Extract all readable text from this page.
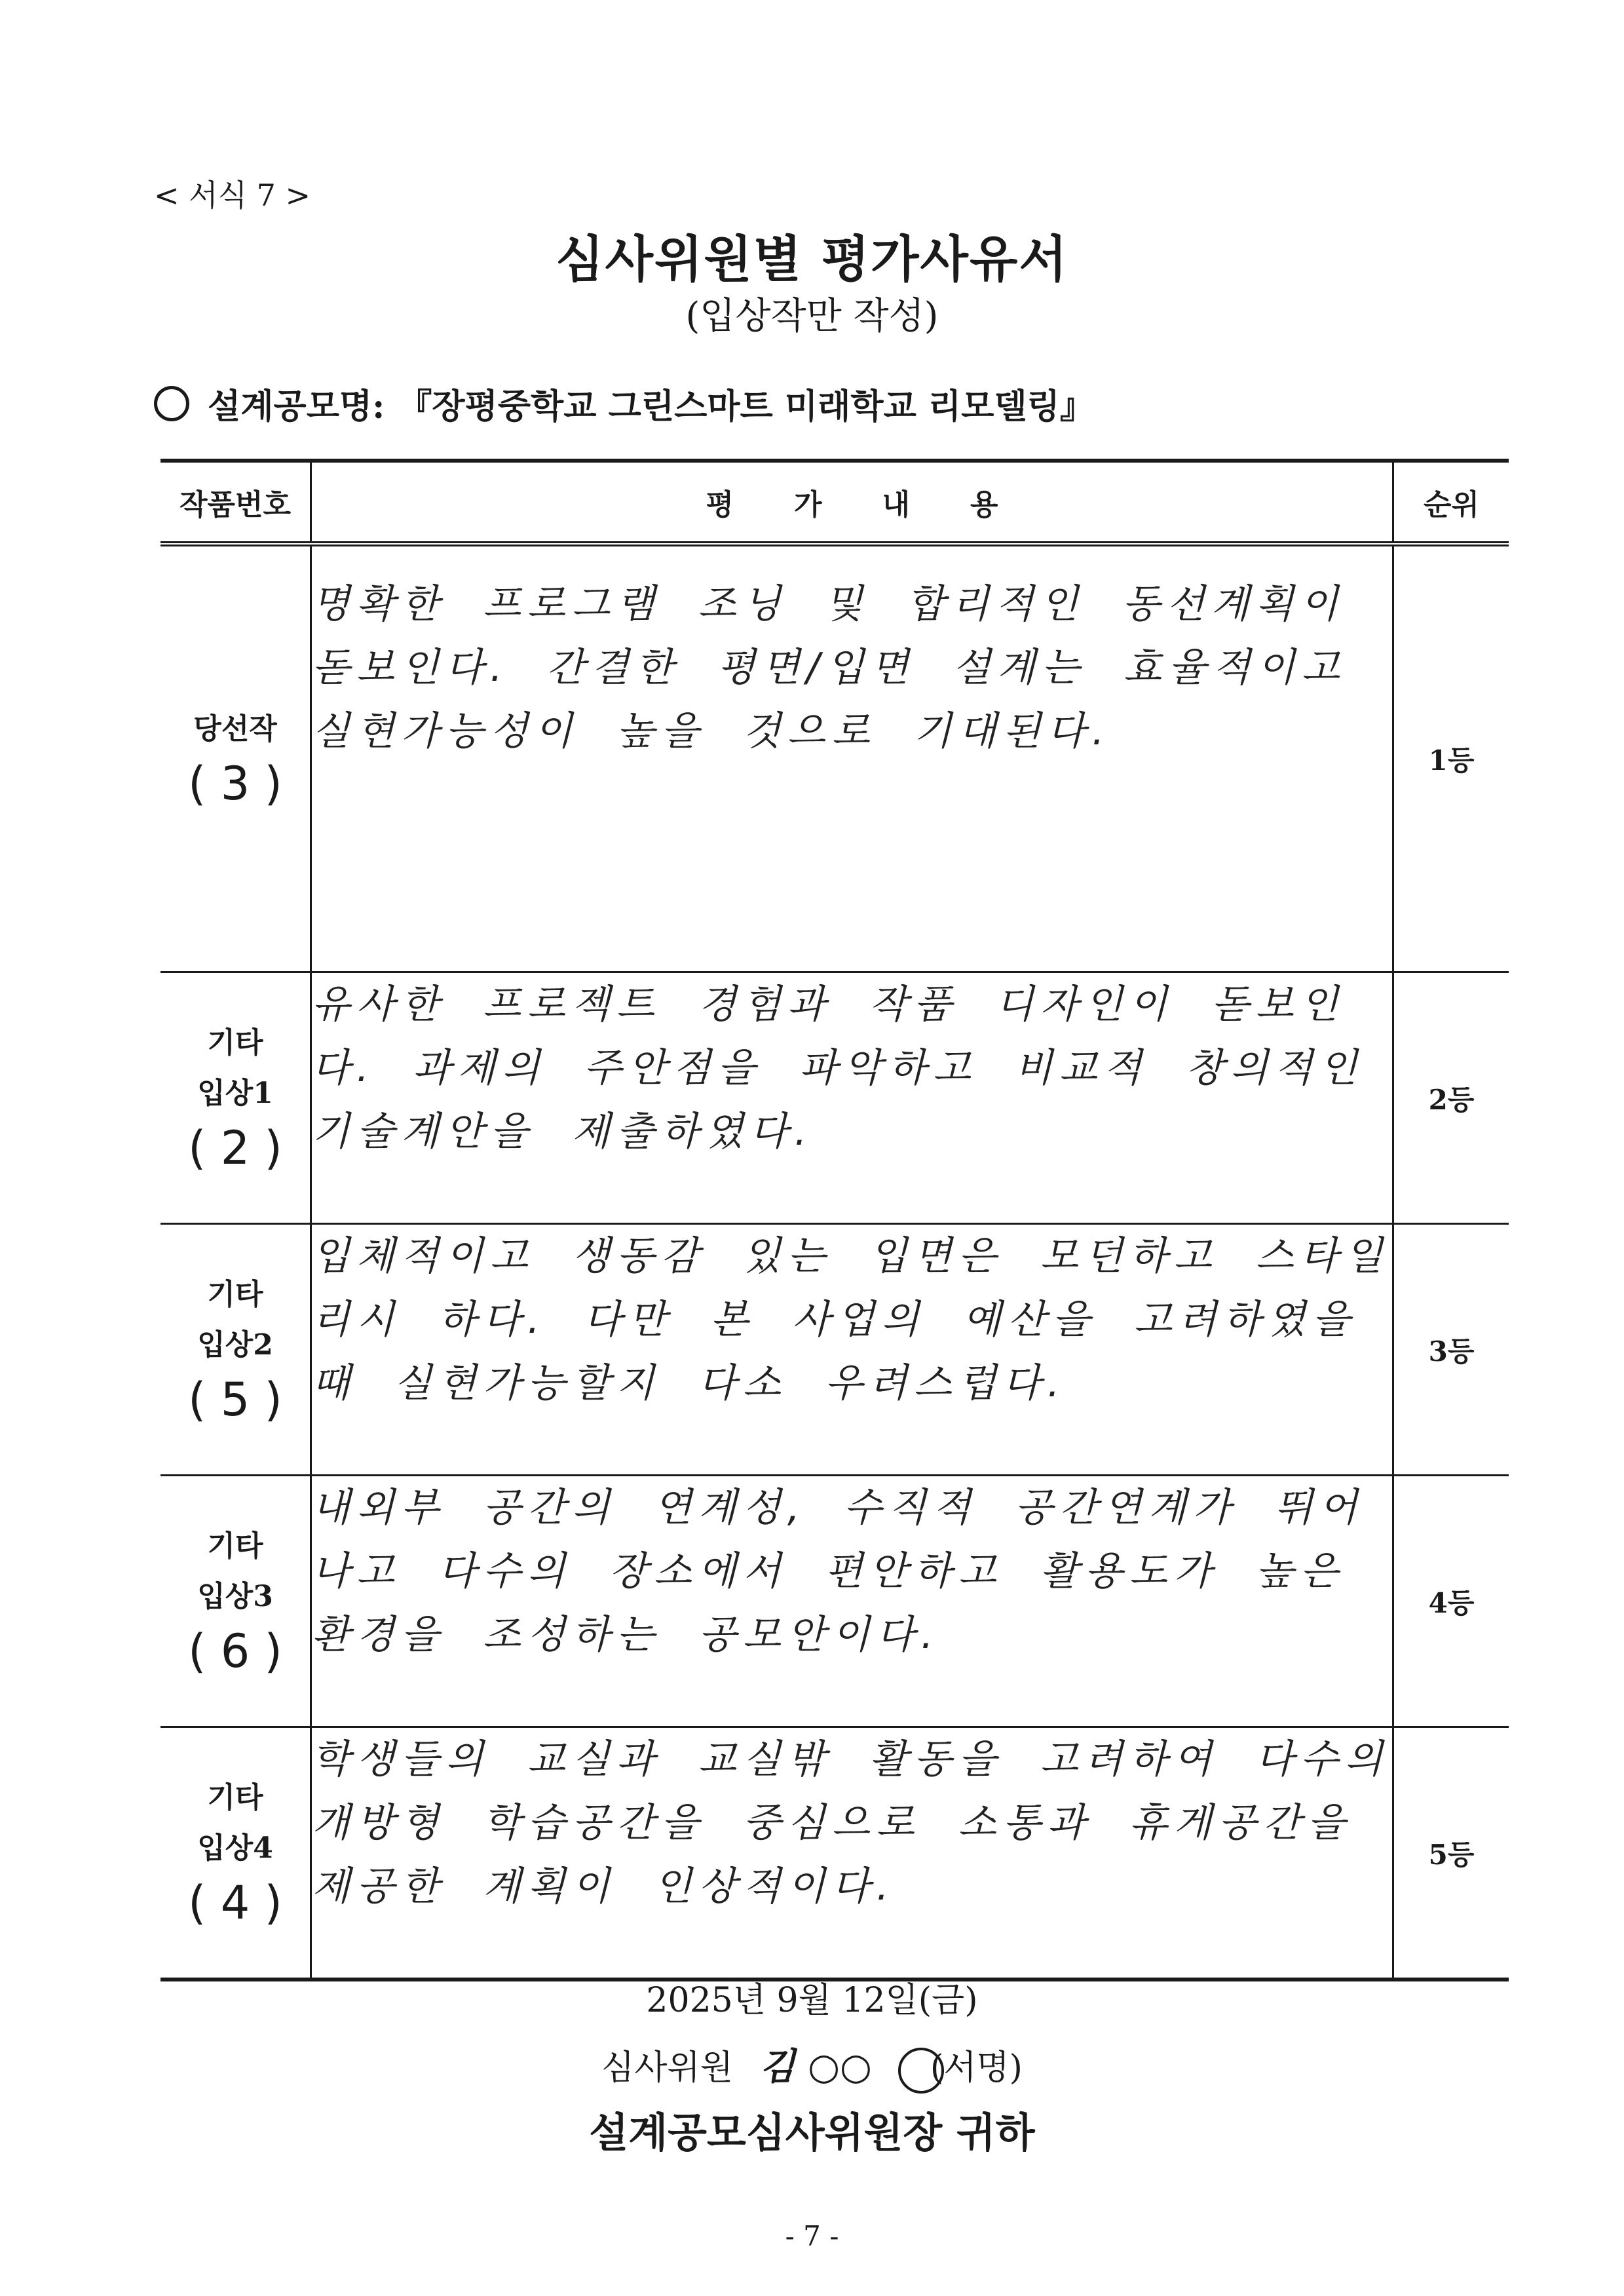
< 서식 7 >
심사위원별 평가사유서
(입상작만 작성)
설계공모명: 『장평중학교 그린스마트 미래학교 리모델링』
작품번호	평가내용	순위
당선작
( 3 )	명확한 프로그램 조닝 및 합리적인 동선계획이 돋보인다. 간결한 평면/입면 설계는 효율적이고 실현가능성이 높을 것으로 기대된다.	1등
기타
입상1
( 2 )	유사한 프로젝트 경험과 작품 디자인이 돋보인다. 과제의 주안점을 파악하고 비교적 창의적인 기술계안을 제출하였다.	2등
기타
입상2
( 5 )	입체적이고 생동감 있는 입면은 모던하고 스타일리시 하다. 다만 본 사업의 예산을 고려하였을 때 실현가능할지 다소 우려스럽다.	3등
기타
입상3
( 6 )	내외부 공간의 연계성, 수직적 공간연계가 뛰어나고 다수의 장소에서 편안하고 활용도가 높은 환경을 조성하는 공모안이다.	4등
기타
입상4
( 4 )	학생들의 교실과 교실밖 활동을 고려하여 다수의 개방형 학습공간을 중심으로 소통과 휴게공간을 제공한 계획이 인상적이다.	5등
2025년 9월 12일(금)
심사위원 김 ○○ (서명)
설계공모심사위원장 귀하
- 7 -
